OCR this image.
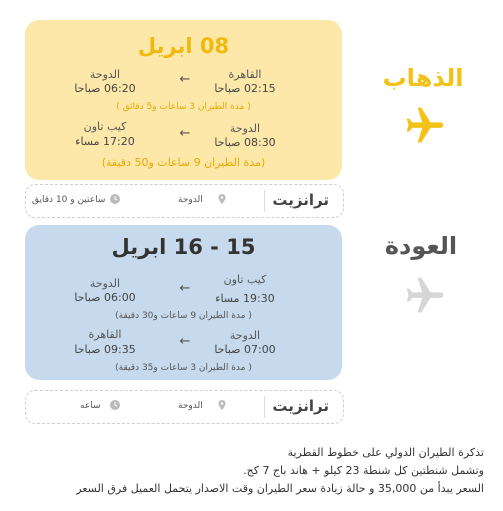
الذهاب
08 ابريل
القاهرة
02:15 صباحا
←
الدوحة
06:20 صباحا
( مدة الطيران 3 ساعات و5 دقائق )
الدوحة
08:30 صباحا
←
كيب تاون
17:20 مساء
(مدة الطيران 9 ساعات و50 دقيقة)
ترانزيت
الدوحة
ساعتين و 10 دقايق
العودة
15 - 16 ابريل
كيب تاون
19:30 مساء
←
الدوحة
06:00 صباحا
( مدة الطيران 9 ساعات و30 دقيقة)
الدوحة
07:00 صباحا
←
القاهرة
09:35 صباحا
( مدة الطيران 3 ساعات و35 دقيقة)
ترانزيت
الدوحة
ساعه
تذكرة الطيران الدولي على خطوط القطرية
وتشمل شنطتين كل شنطة 23 كيلو + هاند باج 7 كج.
السعر يبدأ من 35,000 و حالة زيادة سعر الطيران وقت الاصدار يتحمل العميل فرق السعر
